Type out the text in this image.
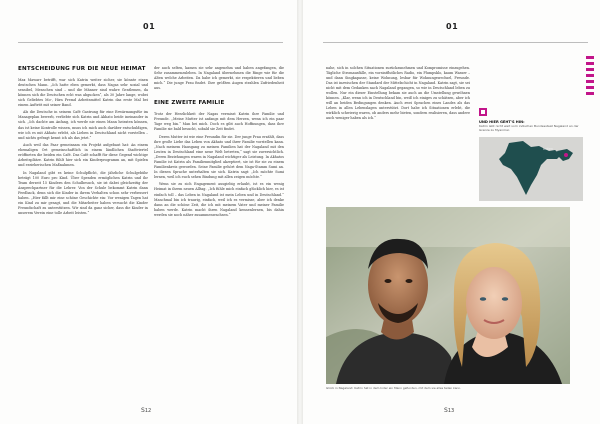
01
ENTSCHEIDUNG FÜR DIE NEUE HEIMAT

Max Mawarr betrifft, war sich Katrin weiter sicher, sie könnte einen deutschen Mann. „Ich hatte eben gemerkt, dass Nagas sehr sozial und sensibel, Menschen sind – und die Männer sind wahre Gentlemen, da können sich die Deutschen echt was abgucken“, als 30 Jahre lange, wobei sich Geliebtes Mo-, Hirn Fremd Arbeitsmittel Katrin das erste Mal bei einem Auftritt mit seiner Band.

Als die Deutsche in seinem Café Gastrung für eine Erwärmungsfür im Manageplan bewerb, verliebte sich Katrin und Akhato beide ineinander in sich. „Ich dachte am Anfang, ich werde nie einen Mann heiraten können, das ist keine Kontrolle wissen, muss ich mich auch darüber entschuldigen, wie ich es mit Akhato erlebt, als Lieben in Deutschland nicht vorstellen – und nichts gefragt kennt ich als das jetzt.“

Auch weil das Paar gemeinsam ein Projekt aufgebaut hat: An einem ehemaligen Ort gemeinschaftlich in einem ländlichen Stadtviertel eröffneten die beiden ein Café. Das Café schafft für diese Gegend wichtige Arbeitsplätze. Katrin fühlt hier sich ein Kinderprogramm an, mit Spielen und erzieherischen Maßnahmen.

In Nagaland gibt es keine Schulpflicht, die jährliche Schulgebühr beträgt 100 Euro pro Kind. Über Spenden ermöglichen Katrin und ihr Team derzeit 15 Kindern den Schulbesuch, sie ist dabei gleichzeitig der Ansprechpartner für die Lehrer. Von der Schule bekommt Katrin dann Feedback, denn sich die Kinder in ihrem Verhalten schon sehr verbessert haben. „Hier fällt mir eine schöne Geschichte ein: Vor wenigen Tagen hat ein Kind zu mir gesagt, und die Mitarbeiter haben versucht die Kinder Freundschaft zu unterstützen. Wir sind da ganz sicher, dass die Kinder in unserem Verein eine tolle Arbeit leisten.“

der auch selten, kamen sie sehr angenehm und haben angefangen, die Sehr zusammenzuleben. In Nagaland übernehmen die Ringe wie für die Alten welche Arbeiten. Da habe ich gemerkt, sie respektieren und lieben mich.“ Die junge Frau findet. Ihre größten Augen strahlen Zufriedenheit aus.

EINE ZWEITE FAMILIE

Trotz der Herzlichkeit der Nagas vermisst Katrin ihre Familie und Freunde. „Meine Mutter ist anfangs mit dem Herzen, wenn ich ein paar Tage weg bin.“ Man bei mich. Doch es gibt auch Hoffnungen, dass ihre Familie sie bald besucht, sobald sie Zeit findet.

Deren Mutter ist wie eine Freundin für sie. Der junge Frau erzählt, dass ihre große Liebe das Leben von Akhato und ihrer Familie vorstellen kann. „Nach meinem Hausgang zu meinen Familien hat der Nagaland mit den Leuten in Deutschland eine neue Welt betreten,“ sagt sie zuversichtlich. „Deren Beziehungen waren in Nagaland wichtiger als Leistung. In Akhatos Familie ist Katrin als Familienmitglied akzeptiert, sie ist für sie zu einem Familienkreis geworden. Seine Familie gehört dem Naga-Stamm Sumi an. In diesen Sprache unterhalten sie sich. Katrin sagt: „Ich möchte Sumi lernen, weil ich euch sehen Bindung mit allen zeigen möchte.“

Wenn sie zu sich Engagement ausgiebig erlaubt, ist es ein wenig Heimat in ihrem neuen Alltag. „Ich fühle mich einfach glücklich hier, es ist einfach toll – das Leben in Nagaland ist mein Leben und in Deutschland.“ Manchmal bin ich traurig, einfach, weil ich es vermisse, aber ich denke dann an die schöne Zeit, die ich mit meinem Vater und meiner Familie haben werde. Katrin macht ihren Nagaland kennenlernen, bis dahin werden sie noch näher zusammenwachsen.“

S12
01
S13

nahe, sich in solchen Situationen zurückzunehmen und Kompromisse einzugehen. Tägliche Stromausfälle, ein vorsintflutliches Radio, ein Plumpsklo, kaum Wasser – und dann Singkapasse, keine Wohnung, lesbar für Wohnungswechsel, Freunde. Das ist inzwischen der Standard der Mittelschicht in Nagaland. Katrin sagt, sie sei nicht mit dem Gedanken nach Nagaland gegangen, so wie in Deutschland leben zu wollen. Nur ein dieser Einstellung bekam sie auch an die Umstellung gewöhnen können. „Klar, wenn ich in Deutschland bin, weiß ich einiges zu schätzen, aber ich will an beiden Bedingungen denken. Auch zwei Sprachen eines Landes als das Leben in allen Lebenslagen unterstützt. Dort habe ich Situationen erlebt, die wirklich schwierig waren, ob anders mehr bieten, sondern realisieren, dass andere auch weniger haben als ich.“

UND HIER GEHT'S HIN:
Katrin lebt nicht weit vom indischen Bundesstaat Nagaland an der Grenze zu Myanmar.
Indien
Glück in Nagaland: Katrin hat in dem Inder ein Mann gefunden, mit dem sie alles teilen kann.
